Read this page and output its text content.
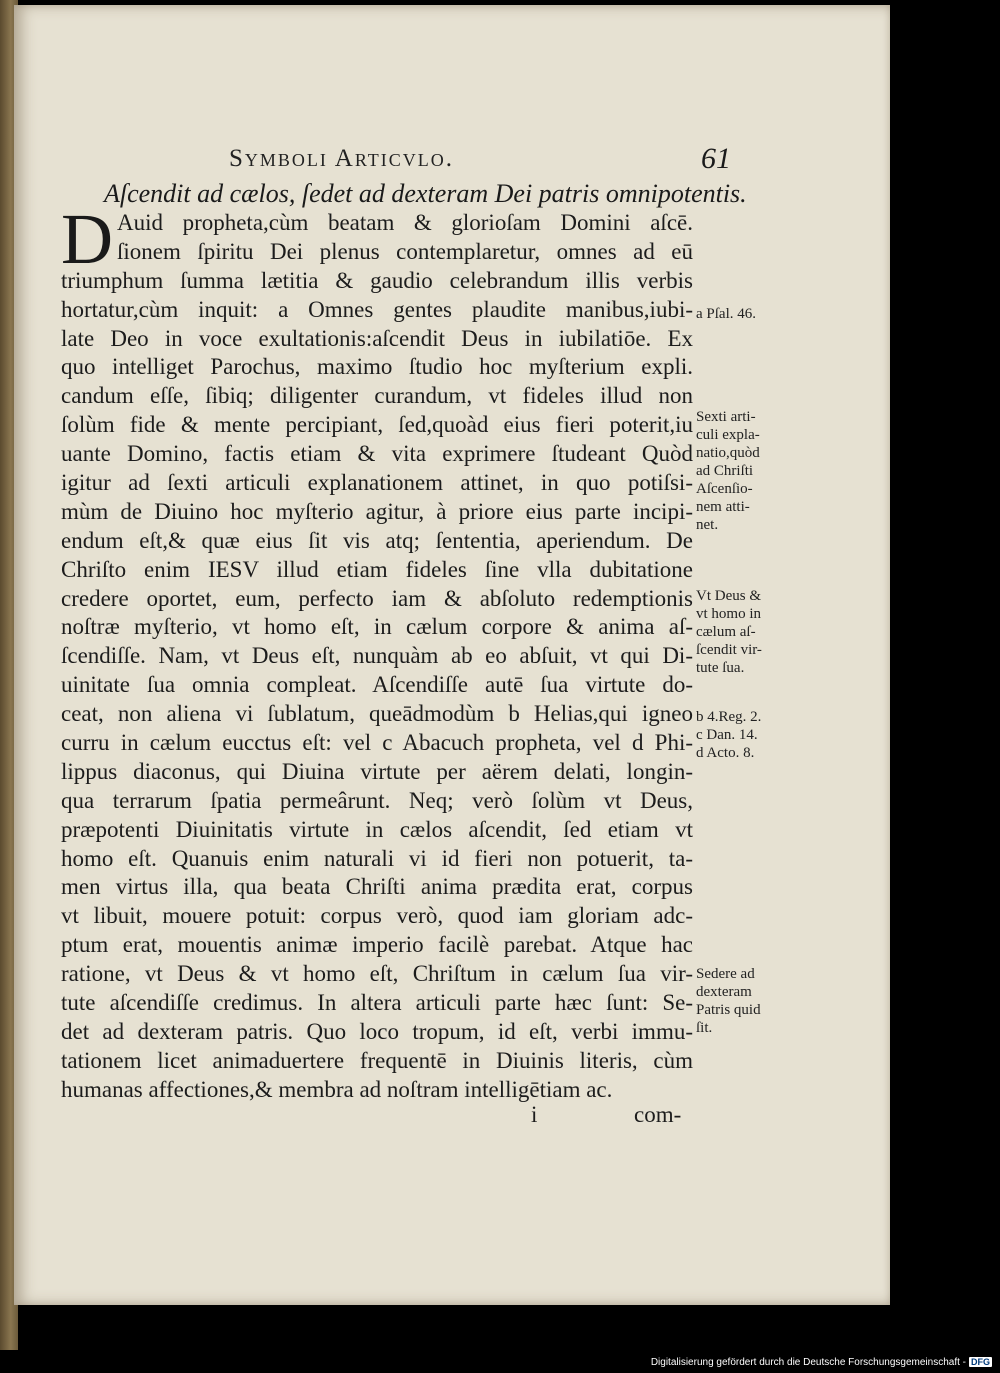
Symboli Articvlo.	61
Aſcendit ad cælos, ſedet ad dexteram Dei patris omnipotentis.
D Auid propheta,cùm beatam & glorioſam Domini aſcē.
ſionem ſpiritu Dei plenus contemplaretur, omnes ad eū
triumphum ſumma lætitia & gaudio celebrandum illis verbis
hortatur,cùm inquit: a Omnes gentes plaudite manibus,iubi-
late Deo in voce exultationis:aſcendit Deus in iubilatiōe. Ex
quo intelliget Parochus, maximo ſtudio hoc myſterium expli.
candum eſſe, ſibiq; diligenter curandum, vt fideles illud non
ſolùm fide & mente percipiant, ſed,quoàd eius fieri poterit,iu
uante Domino, factis etiam & vita exprimere ſtudeant Quòd
igitur ad ſexti articuli explanationem attinet, in quo potiſsi-
mùm de Diuino hoc myſterio agitur, à priore eius parte incipi-
endum eſt,& quæ eius ſit vis atq; ſententia, aperiendum. De
Chriſto enim IESV illud etiam fideles ſine vlla dubitatione
credere oportet, eum, perfecto iam & abſoluto redemptionis
noſtræ myſterio, vt homo eſt, in cælum corpore & anima aſ-
ſcendiſſe. Nam, vt Deus eſt, nunquàm ab eo abſuit, vt qui Di-
uinitate ſua omnia compleat. Aſcendiſſe autē ſua virtute do-
ceat, non aliena vi ſublatum, queādmodùm b Helias,qui igneo
curru in cælum eucctus eſt: vel c Abacuch propheta, vel d Phi-
lippus diaconus, qui Diuina virtute per aërem delati, longin-
qua terrarum ſpatia permeârunt. Neq; verò ſolùm vt Deus,
præpotenti Diuinitatis virtute in cælos aſcendit, ſed etiam vt
homo eſt. Quanuis enim naturali vi id fieri non potuerit, ta-
men virtus illa, qua beata Chriſti anima prædita erat, corpus
vt libuit, mouere potuit: corpus verò, quod iam gloriam adc-
ptum erat, mouentis animæ imperio facilè parebat. Atque hac
ratione, vt Deus & vt homo eſt, Chriſtum in cælum ſua vir-
tute aſcendiſſe credimus. In altera articuli parte hæc ſunt: Se-
det ad dexteram patris. Quo loco tropum, id eſt, verbi immu-
tationem licet animaduertere frequentē in Diuinis literis, cùm
humanas affectiones,& membra ad noſtram intelligētiam ac.
a Pſal. 46.
Sexti arti-
culi expla-
natio,quòd
ad Chriſti
Aſcenſio-
nem atti-
net.
Vt Deus &
vt homo in
cælum aſ-
ſcendit vir-
tute ſua.
b 4.Reg. 2.
c Dan. 14.
d Acto. 8.
Sedere ad
dexteram
Patris quid
ſit.
i	com-
Digitalisierung gefördert durch die Deutsche Forschungsgemeinschaft - DFG
